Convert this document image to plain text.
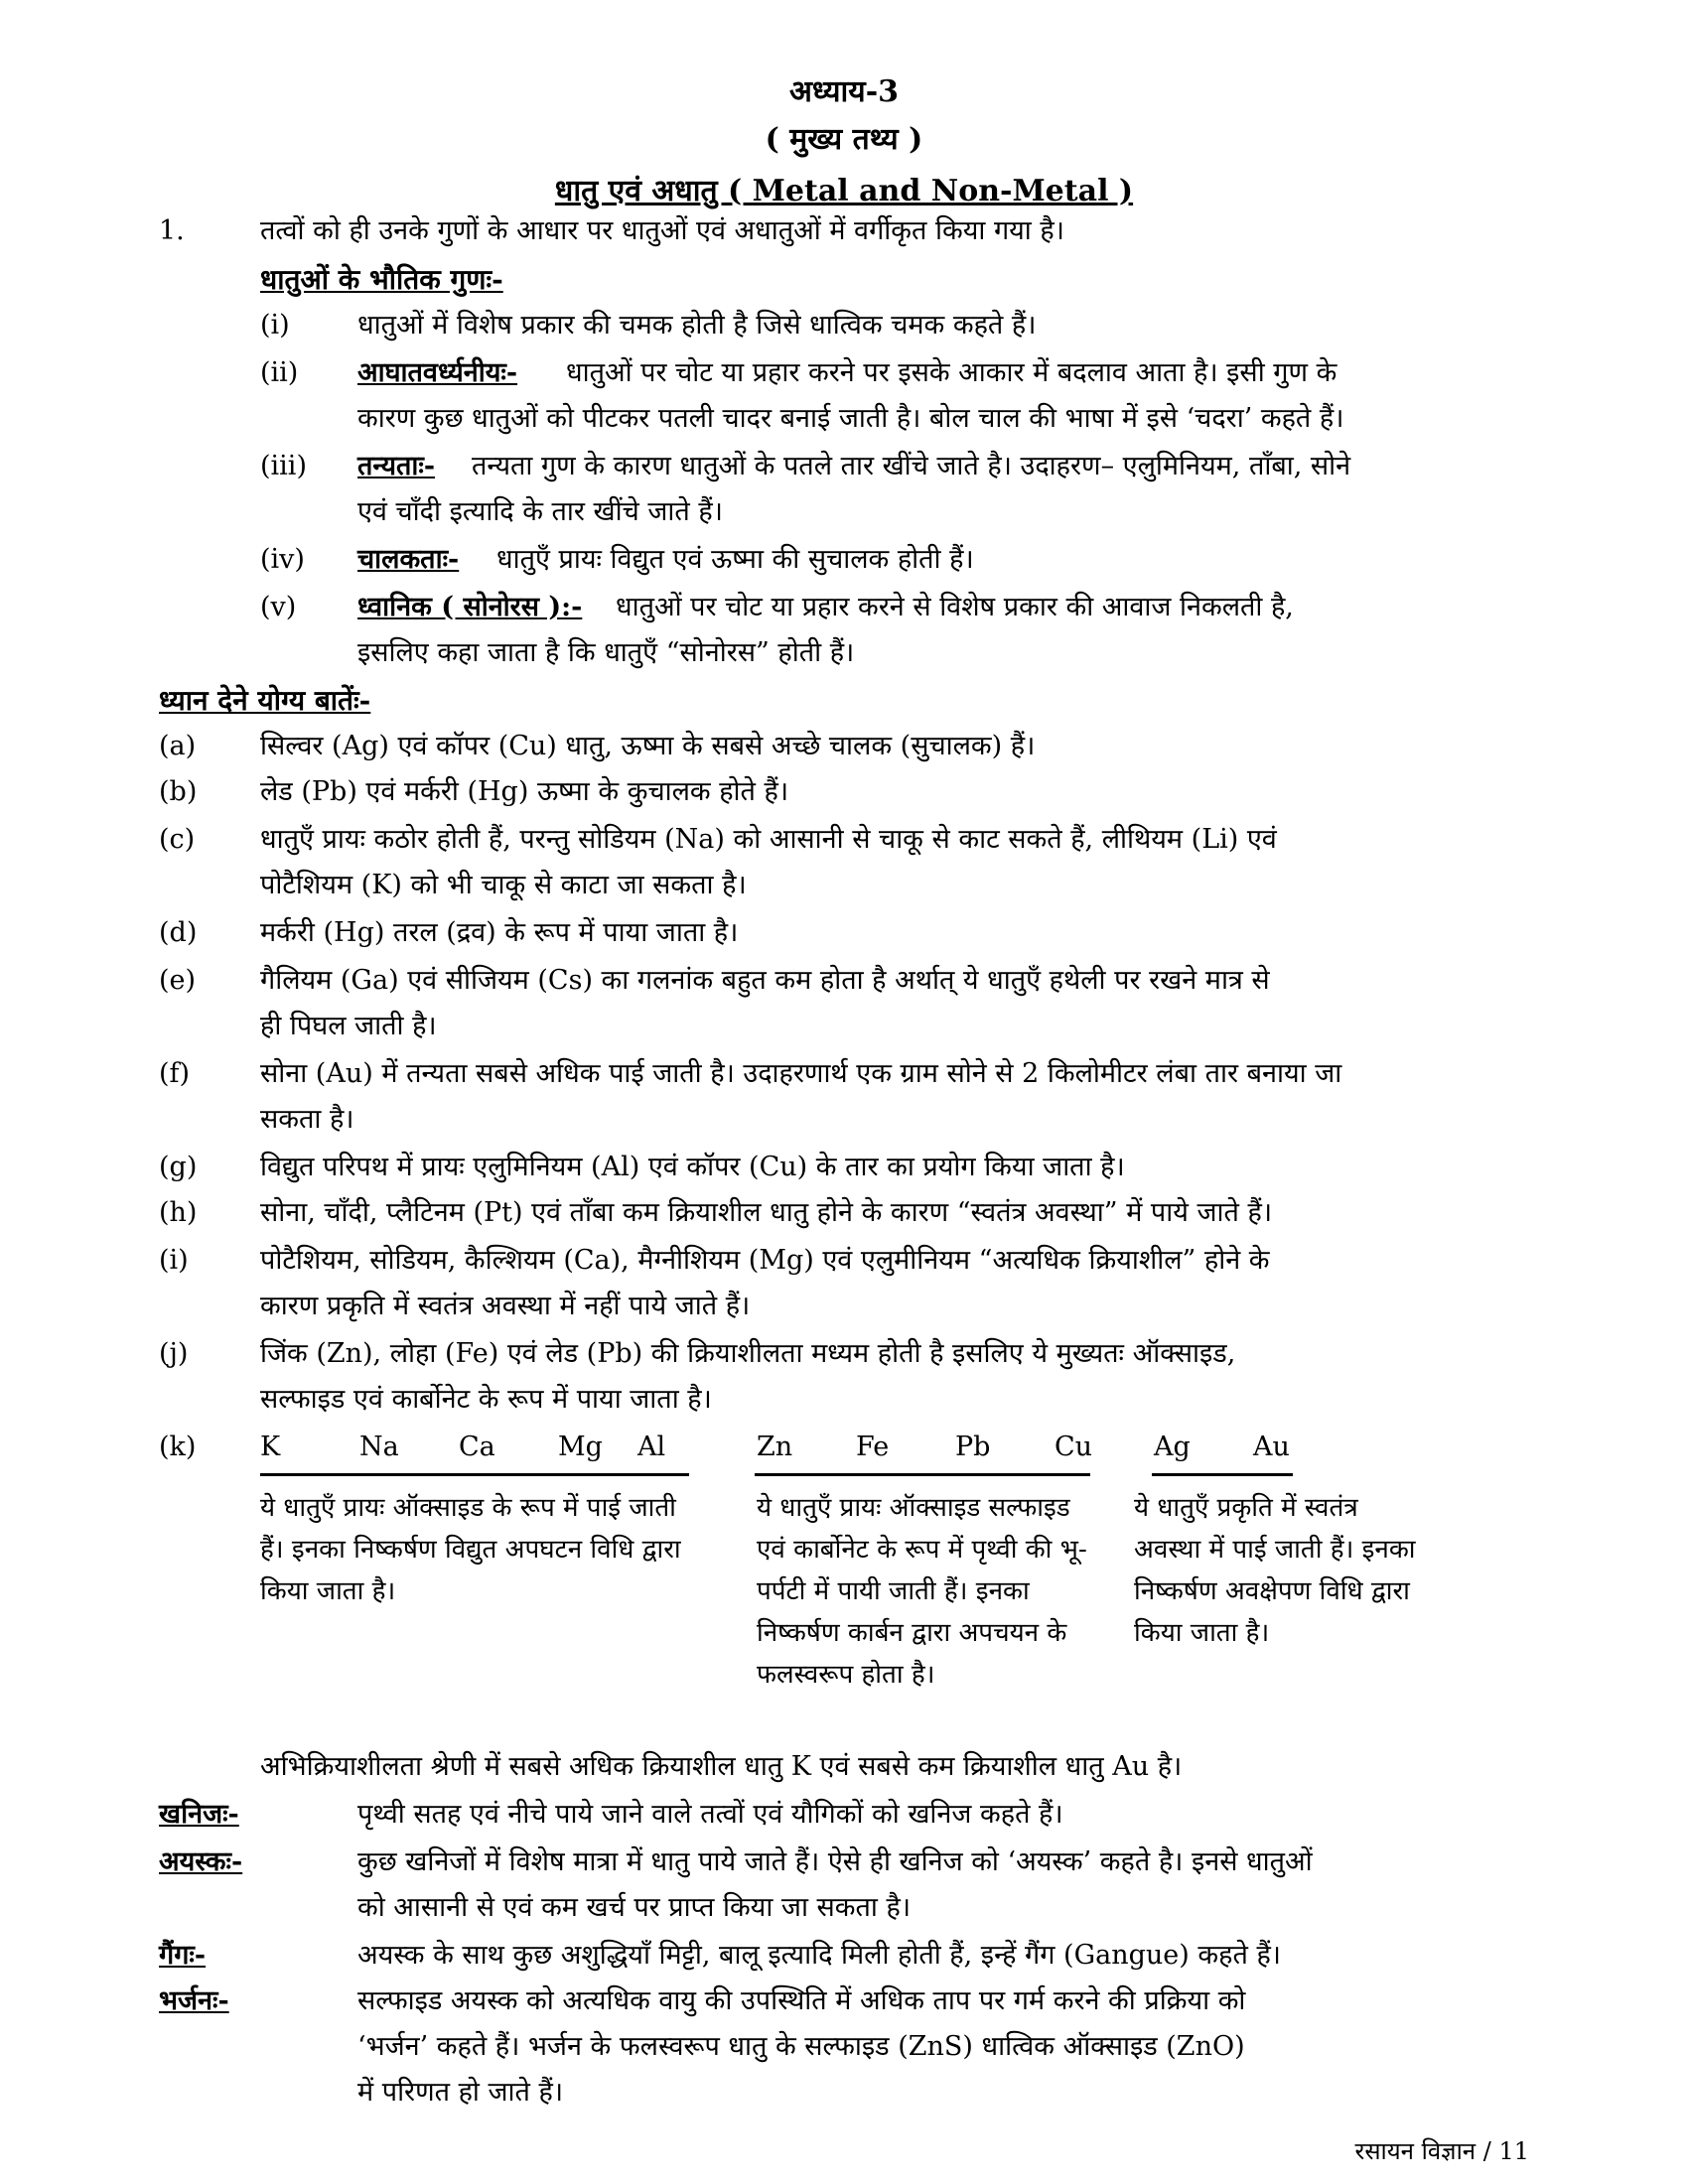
अध्याय-3
( मुख्य तथ्य )
धातु एवं अधातु ( Metal and Non-Metal )
1.	तत्वों को ही उनके गुणों के आधार पर धातुओं एवं अधातुओं में वर्गीकृत किया गया है।
धातुओं के भौतिक गुणः-
(i)	धातुओं में विशेष प्रकार की चमक होती है जिसे धात्विक चमक कहते हैं।
(ii) आघातवर्ध्यनीयः- धातुओं पर चोट या प्रहार करने पर इसके आकार में बदलाव आता है। इसी गुण के
कारण कुछ धातुओं को पीटकर पतली चादर बनाई जाती है। बोल चाल की भाषा में इसे ‘चदरा’ कहते हैं।
(iii) तन्यताः- तन्यता गुण के कारण धातुओं के पतले तार खींचे जाते है। उदाहरण– एलुमिनियम, ताँबा, सोने
एवं चाँदी इत्यादि के तार खींचे जाते हैं।
(iv) चालकताः- धातुएँ प्रायः विद्युत एवं ऊष्मा की सुचालक होती हैं।
(v) ध्वानिक ( सोनोरस ):- धातुओं पर चोट या प्रहार करने से विशेष प्रकार की आवाज निकलती है,
इसलिए कहा जाता है कि धातुएँ “सोनोरस” होती हैं।
ध्यान देने योग्य बातेंः-
(a) सिल्वर (Ag) एवं कॉपर (Cu) धातु, ऊष्मा के सबसे अच्छे चालक (सुचालक) हैं।
(b) लेड (Pb) एवं मर्करी (Hg) ऊष्मा के कुचालक होते हैं।
(c) धातुएँ प्रायः कठोर होती हैं, परन्तु सोडियम (Na) को आसानी से चाकू से काट सकते हैं, लीथियम (Li) एवं
पोटैशियम (K) को भी चाकू से काटा जा सकता है।
(d) मर्करी (Hg) तरल (द्रव) के रूप में पाया जाता है।
(e) गैलियम (Ga) एवं सीजियम (Cs) का गलनांक बहुत कम होता है अर्थात् ये धातुएँ हथेली पर रखने मात्र से
ही पिघल जाती है।
(f)	सोना (Au) में तन्यता सबसे अधिक पाई जाती है। उदाहरणार्थ एक ग्राम सोने से 2 किलोमीटर लंबा तार बनाया जा
सकता है।
(g) विद्युत परिपथ में प्रायः एलुमिनियम (Al) एवं कॉपर (Cu) के तार का प्रयोग किया जाता है।
(h) सोना, चाँदी, प्लैटिनम (Pt) एवं ताँबा कम क्रियाशील धातु होने के कारण “स्वतंत्र अवस्था” में पाये जाते हैं।
(i)	पोटैशियम, सोडियम, कैल्शियम (Ca), मैग्नीशियम (Mg) एवं एलुमीनियम “अत्यधिक क्रियाशील” होने के
कारण प्रकृति में स्वतंत्र अवस्था में नहीं पाये जाते हैं।
(j)	जिंक (Zn), लोहा (Fe) एवं लेड (Pb) की क्रियाशीलता मध्यम होती है इसलिए ये मुख्यतः ऑक्साइड,
सल्फाइड एवं कार्बोनेट के रूप में पाया जाता है।
(k) K	Na Ca Mg Al	Zn Fe Pb Cu Ag Au
ये धातुएँ प्रायः ऑक्साइड के रूप में पाई जाती हैं। इनका निष्कर्षण विद्युत अपघटन विधि द्वारा किया जाता है।
ये धातुएँ प्रायः ऑक्साइड सल्फाइड एवं कार्बोनेट के रूप में पृथ्वी की भू-पर्पटी में पायी जाती हैं। इनका निष्कर्षण कार्बन द्वारा अपचयन के फलस्वरूप होता है।
ये धातुएँ प्रकृति में स्वतंत्र अवस्था में पाई जाती हैं। इनका निष्कर्षण अवक्षेपण विधि द्वारा किया जाता है।
अभिक्रियाशीलता श्रेणी में सबसे अधिक क्रियाशील धातु K एवं सबसे कम क्रियाशील धातु Au है।
खनिजः-	पृथ्वी सतह एवं नीचे पाये जाने वाले तत्वों एवं यौगिकों को खनिज कहते हैं।
अयस्कः-	कुछ खनिजों में विशेष मात्रा में धातु पाये जाते हैं। ऐसे ही खनिज को ‘अयस्क’ कहते है। इनसे धातुओं
को आसानी से एवं कम खर्च पर प्राप्त किया जा सकता है।
गैंगः-	अयस्क के साथ कुछ अशुद्धियाँ मिट्टी, बालू इत्यादि मिली होती हैं, इन्हें गैंग (Gangue) कहते हैं।
भर्जनः-	सल्फाइड अयस्क को अत्यधिक वायु की उपस्थिति में अधिक ताप पर गर्म करने की प्रक्रिया को
‘भर्जन’ कहते हैं। भर्जन के फलस्वरूप धातु के सल्फाइड (ZnS) धात्विक ऑक्साइड (ZnO)
में परिणत हो जाते हैं।
रसायन विज्ञान / 11
